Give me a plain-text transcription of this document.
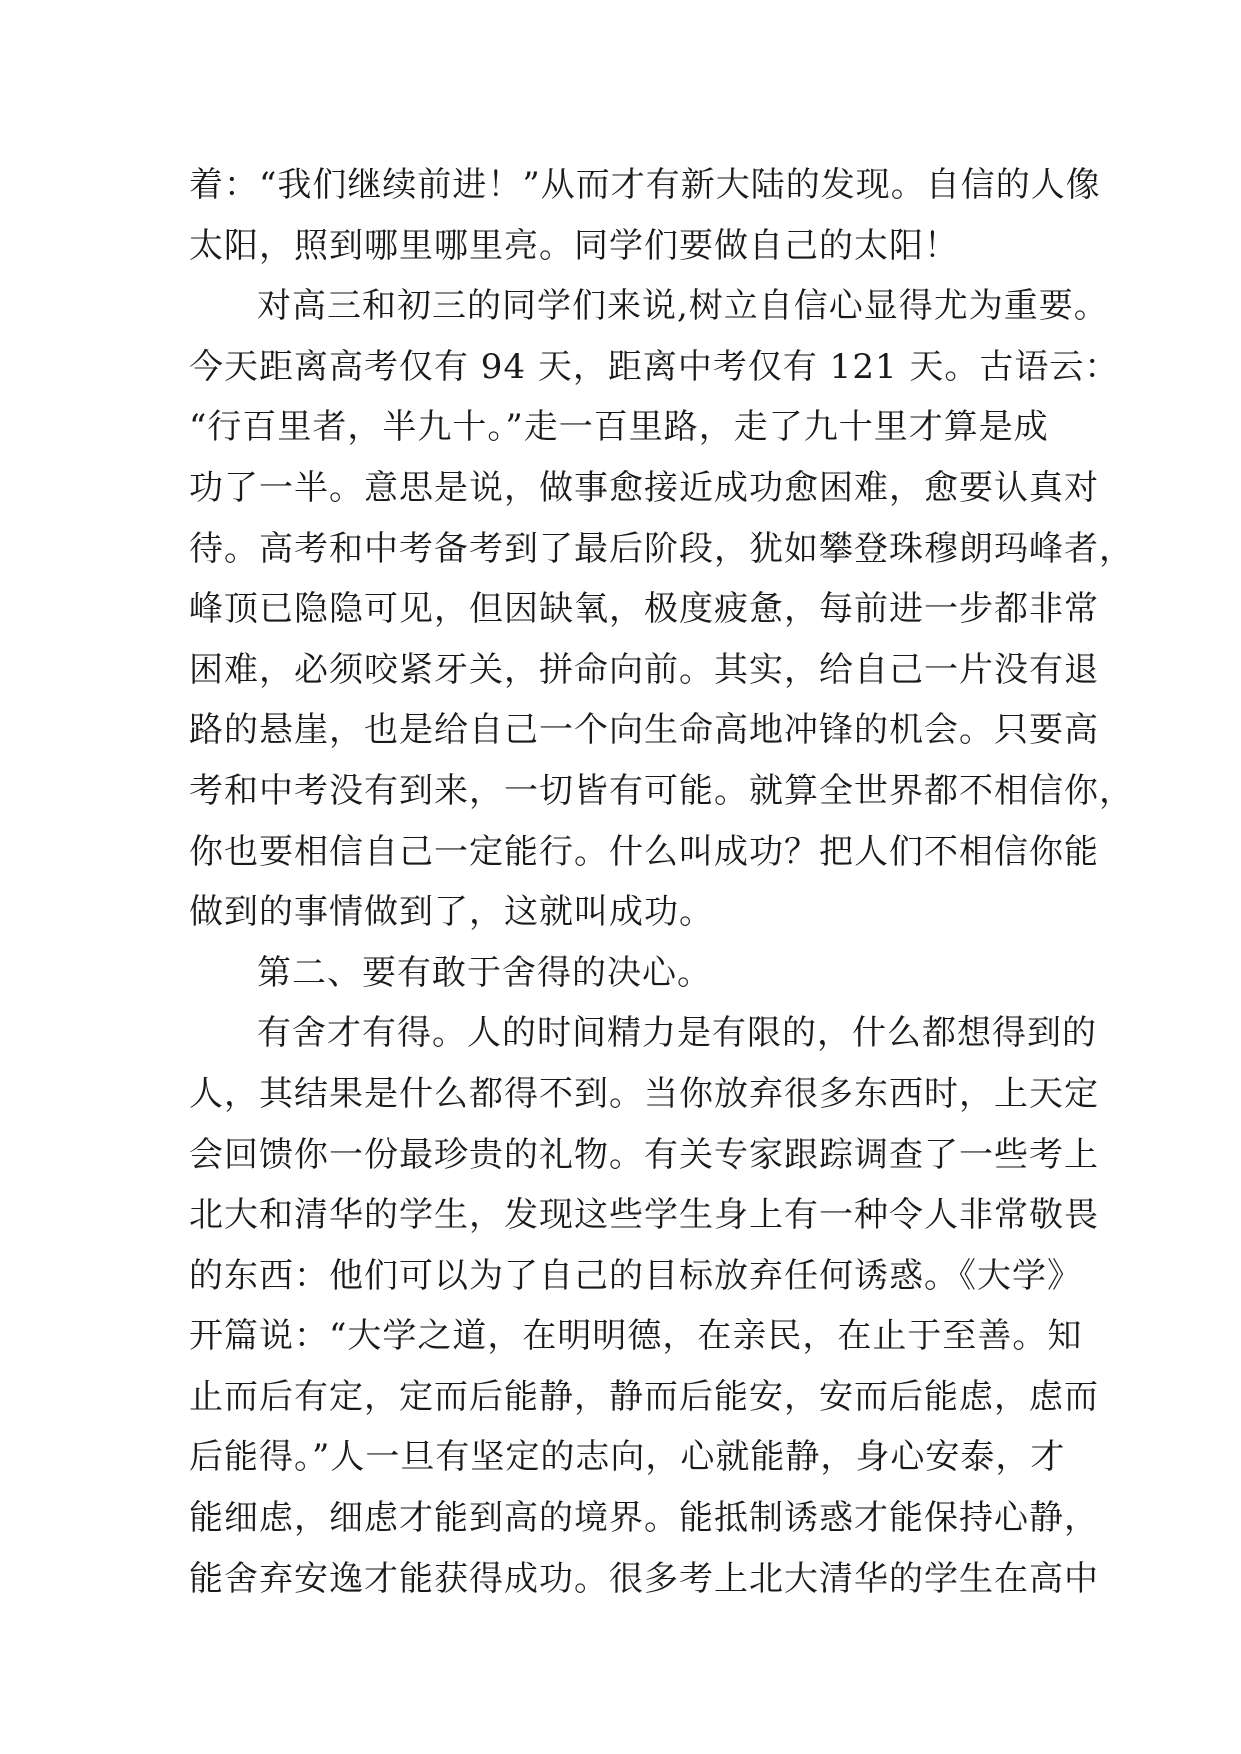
着：“我们继续前进！”从而才有新大陆的发现。自信的人像
太阳，照到哪里哪里亮。同学们要做自己的太阳！
对高三和初三的同学们来说,树立自信心显得尤为重要。
今天距离高考仅有 94 天，距离中考仅有 121 天。古语云：
“行百里者，半九十。”走一百里路，走了九十里才算是成
功了一半。意思是说，做事愈接近成功愈困难，愈要认真对
待。高考和中考备考到了最后阶段，犹如攀登珠穆朗玛峰者，
峰顶已隐隐可见，但因缺氧，极度疲惫，每前进一步都非常
困难，必须咬紧牙关，拼命向前。其实，给自己一片没有退
路的悬崖，也是给自己一个向生命高地冲锋的机会。只要高
考和中考没有到来，一切皆有可能。就算全世界都不相信你，
你也要相信自己一定能行。什么叫成功？把人们不相信你能
做到的事情做到了，这就叫成功。
第二、要有敢于舍得的决心。
有舍才有得。人的时间精力是有限的，什么都想得到的
人，其结果是什么都得不到。当你放弃很多东西时，上天定
会回馈你一份最珍贵的礼物。有关专家跟踪调查了一些考上
北大和清华的学生，发现这些学生身上有一种令人非常敬畏
的东西：他们可以为了自己的目标放弃任何诱惑。《大学》
开篇说：“大学之道，在明明德，在亲民，在止于至善。知
止而后有定，定而后能静，静而后能安，安而后能虑，虑而
后能得。”人一旦有坚定的志向，心就能静，身心安泰，才
能细虑，细虑才能到高的境界。能抵制诱惑才能保持心静，
能舍弃安逸才能获得成功。很多考上北大清华的学生在高中
